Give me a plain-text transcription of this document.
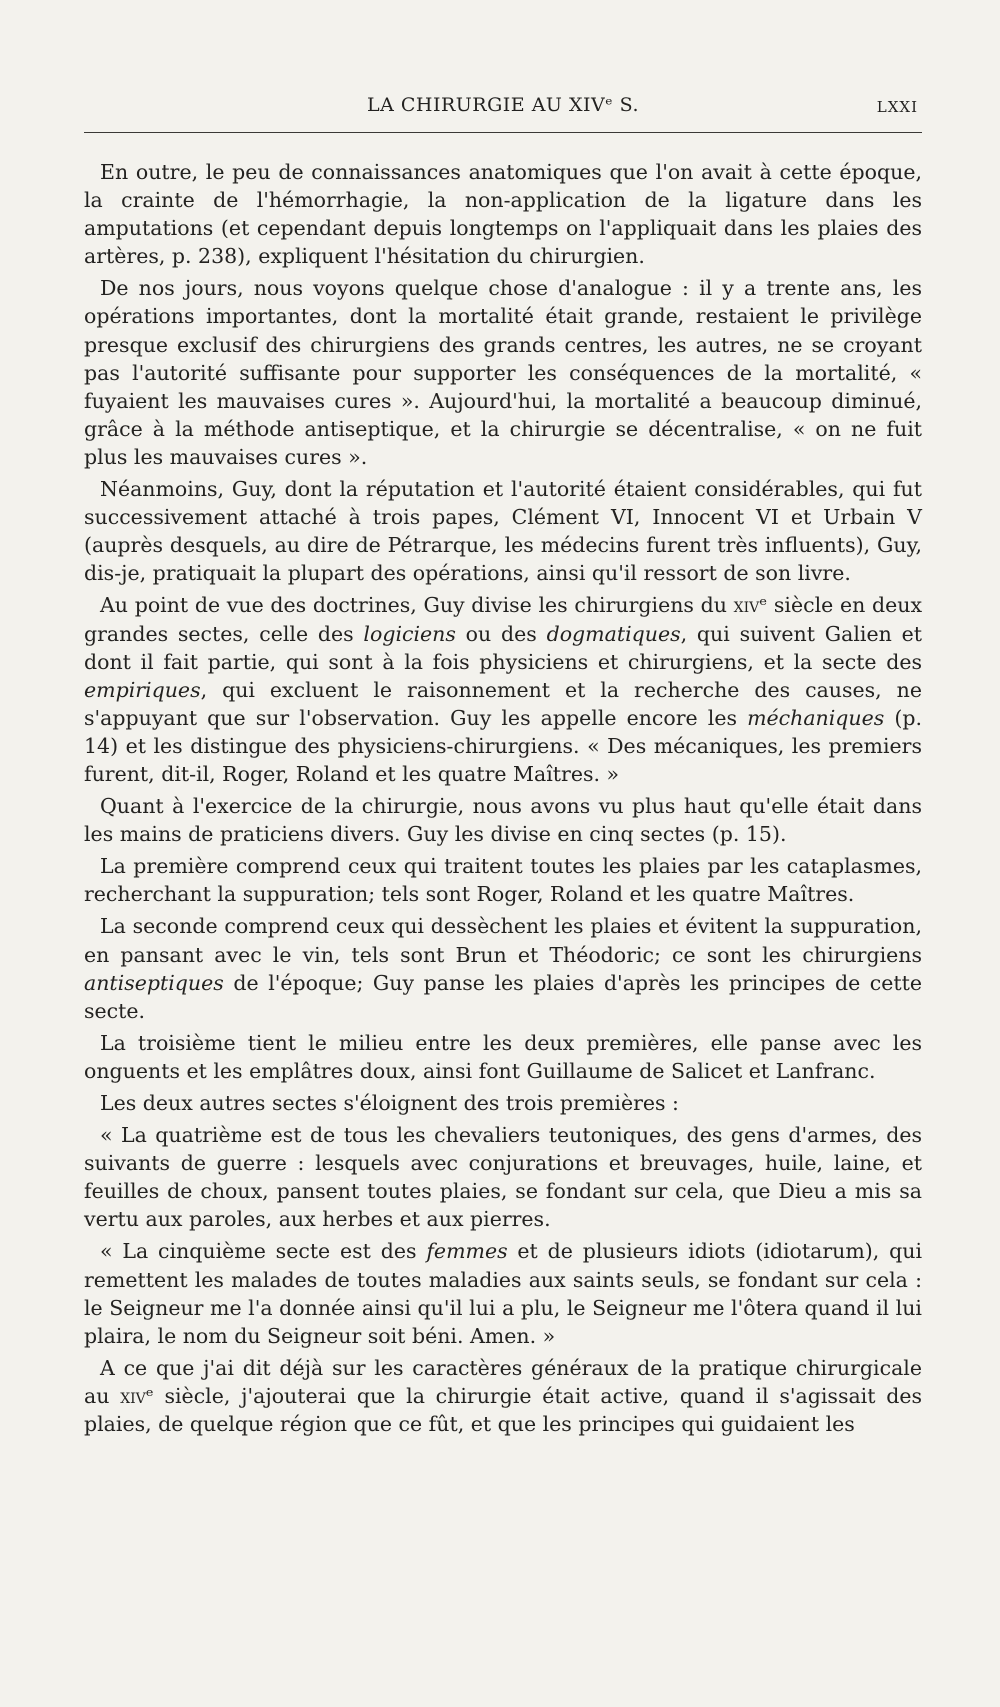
LA CHIRURGIE AU XIVᵉ S.	LXXI

En outre, le peu de connaissances anatomiques que l'on avait à cette époque, la crainte de l'hémorrhagie, la non-application de la ligature dans les amputations (et cependant depuis longtemps on l'appliquait dans les plaies des artères, p. 238), expliquent l'hésitation du chirurgien.

De nos jours, nous voyons quelque chose d'analogue : il y a trente ans, les opérations importantes, dont la mortalité était grande, restaient le privilège presque exclusif des chirurgiens des grands centres, les autres, ne se croyant pas l'autorité suffisante pour supporter les conséquences de la mortalité, « fuyaient les mauvaises cures ». Aujourd'hui, la mortalité a beaucoup diminué, grâce à la méthode antiseptique, et la chirurgie se décentralise, « on ne fuit plus les mauvaises cures ».

Néanmoins, Guy, dont la réputation et l'autorité étaient considérables, qui fut successivement attaché à trois papes, Clément VI, Innocent VI et Urbain V (auprès desquels, au dire de Pétrarque, les médecins furent très influents), Guy, dis-je, pratiquait la plupart des opérations, ainsi qu'il ressort de son livre.

Au point de vue des doctrines, Guy divise les chirurgiens du xivᵉ siècle en deux grandes sectes, celle des logiciens ou des dogmatiques, qui suivent Galien et dont il fait partie, qui sont à la fois physiciens et chirurgiens, et la secte des empiriques, qui excluent le raisonnement et la recherche des causes, ne s'appuyant que sur l'observation. Guy les appelle encore les méchaniques (p. 14) et les distingue des physiciens-chirurgiens. « Des mécaniques, les premiers furent, dit-il, Roger, Roland et les quatre Maîtres. »

Quant à l'exercice de la chirurgie, nous avons vu plus haut qu'elle était dans les mains de praticiens divers. Guy les divise en cinq sectes (p. 15).

La première comprend ceux qui traitent toutes les plaies par les cataplasmes, recherchant la suppuration; tels sont Roger, Roland et les quatre Maîtres.

La seconde comprend ceux qui dessèchent les plaies et évitent la suppuration, en pansant avec le vin, tels sont Brun et Théodoric; ce sont les chirurgiens antiseptiques de l'époque; Guy panse les plaies d'après les principes de cette secte.

La troisième tient le milieu entre les deux premières, elle panse avec les onguents et les emplâtres doux, ainsi font Guillaume de Salicet et Lanfranc.

Les deux autres sectes s'éloignent des trois premières :

« La quatrième est de tous les chevaliers teutoniques, des gens d'armes, des suivants de guerre : lesquels avec conjurations et breuvages, huile, laine, et feuilles de choux, pansent toutes plaies, se fondant sur cela, que Dieu a mis sa vertu aux paroles, aux herbes et aux pierres.

« La cinquième secte est des femmes et de plusieurs idiots (idiotarum), qui remettent les malades de toutes maladies aux saints seuls, se fondant sur cela : le Seigneur me l'a donnée ainsi qu'il lui a plu, le Seigneur me l'ôtera quand il lui plaira, le nom du Seigneur soit béni. Amen. »

A ce que j'ai dit déjà sur les caractères généraux de la pratique chirurgicale au xivᵉ siècle, j'ajouterai que la chirurgie était active, quand il s'agissait des plaies, de quelque région que ce fût, et que les principes qui guidaient les
